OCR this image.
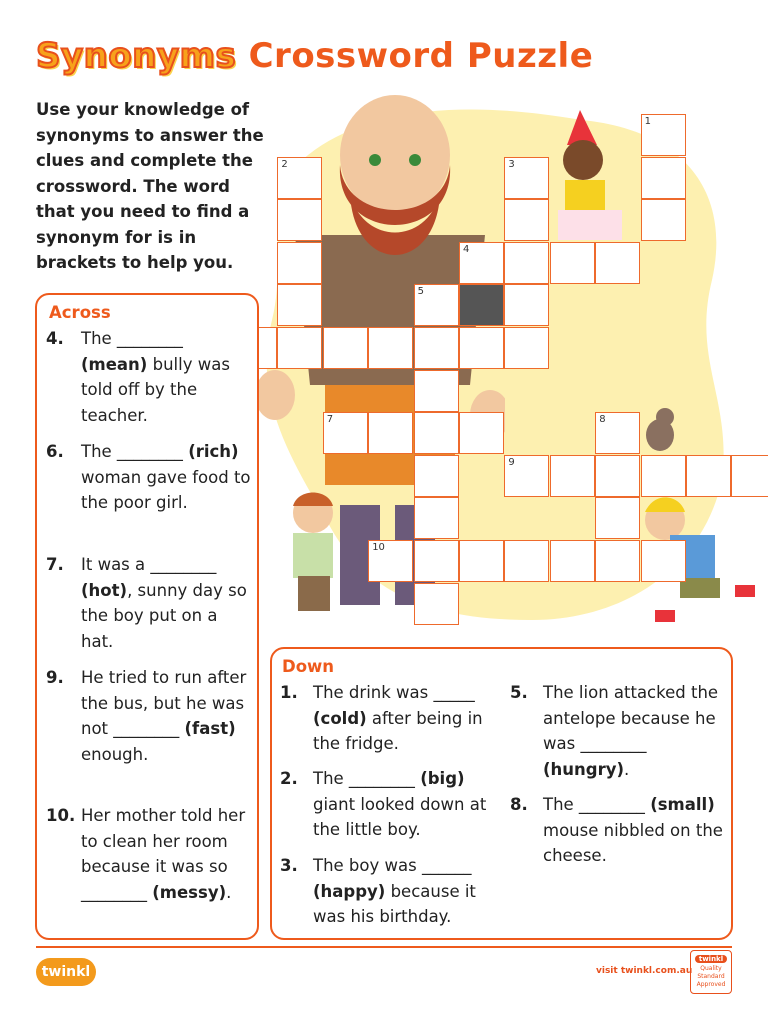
Synonyms Crossword Puzzle
Use your knowledge of synonyms to answer the clues and complete the crossword. The word that you need to find a synonym for is in brackets to help you.
1
2	3
4
5
7	8
9
10
Across
4. The ________ (mean) bully was told off by the teacher.
6. The ________ (rich) woman gave food to the poor girl.
7. It was a ________ (hot), sunny day so the boy put on a hat.
9. He tried to run after the bus, but he was not ________ (fast) enough.
10. Her mother told her to clean her room because it was so ________ (messy).
Down
1. The drink was _____ (cold) after being in the fridge.
2. The ________ (big) giant looked down at the little boy.
3. The boy was ______ (happy) because it was his birthday.
5. The lion attacked the antelope because he was ________ (hungry).
8. The ________ (small) mouse nibbled on the cheese.
twinkl	visit twinkl.com.au
twinkl
Quality Standard Approved
